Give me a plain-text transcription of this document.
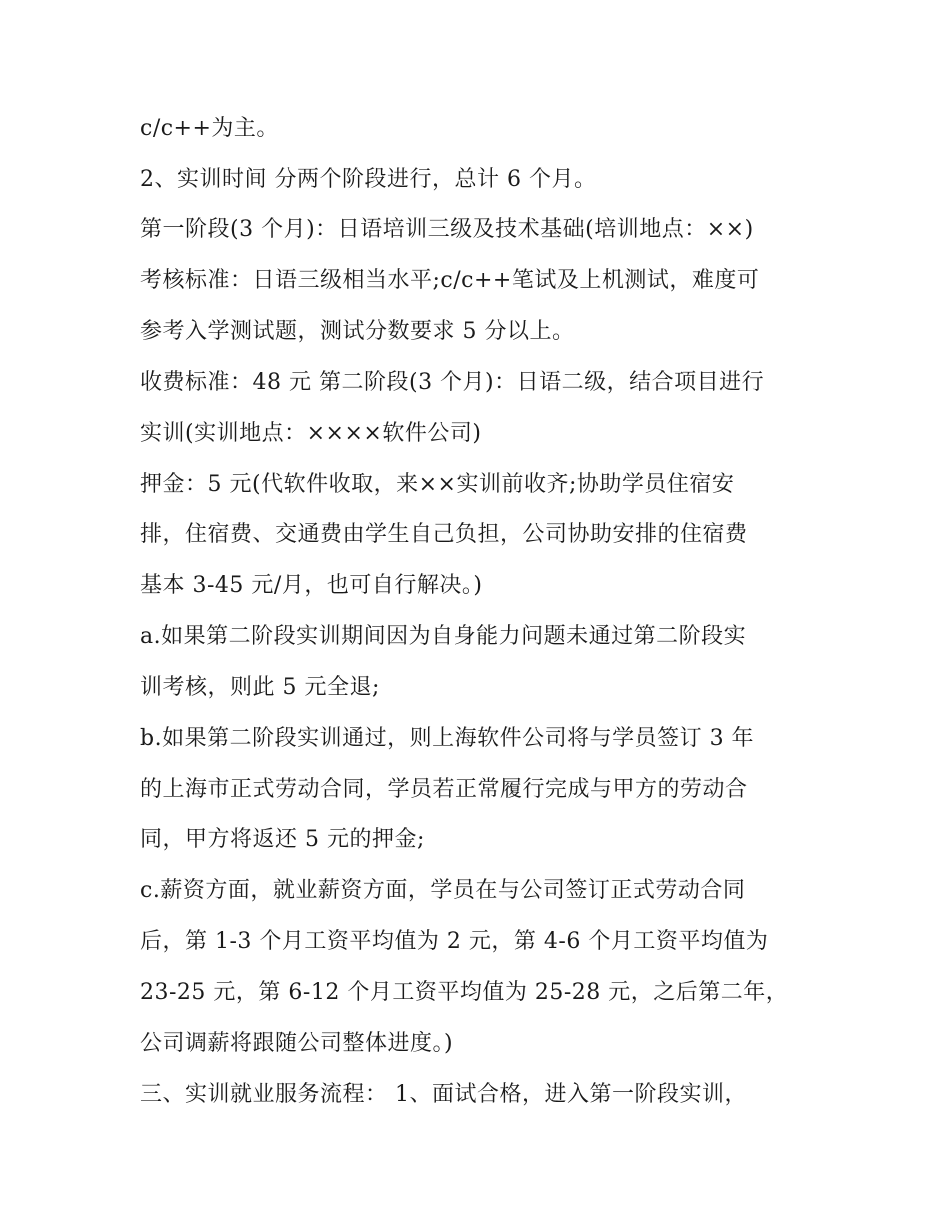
c/c++为主。
2、实训时间 分两个阶段进行，总计 6 个月。
第一阶段(3 个月)：日语培训三级及技术基础(培训地点：××)
考核标准：日语三级相当水平;c/c++笔试及上机测试，难度可
参考入学测试题，测试分数要求 5 分以上。
收费标准：48 元 第二阶段(3 个月)：日语二级，结合项目进行
实训(实训地点：××××软件公司)
押金：5 元(代软件收取，来××实训前收齐;协助学员住宿安
排，住宿费、交通费由学生自己负担，公司协助安排的住宿费
基本 3-45 元/月，也可自行解决。)
a.如果第二阶段实训期间因为自身能力问题未通过第二阶段实
训考核，则此 5 元全退;
b.如果第二阶段实训通过，则上海软件公司将与学员签订 3 年
的上海市正式劳动合同，学员若正常履行完成与甲方的劳动合
同，甲方将返还 5 元的押金;
c.薪资方面，就业薪资方面，学员在与公司签订正式劳动合同
后，第 1-3 个月工资平均值为 2 元，第 4-6 个月工资平均值为
23-25 元，第 6-12 个月工资平均值为 25-28 元，之后第二年，
公司调薪将跟随公司整体进度。)
三、实训就业服务流程： 1、面试合格，进入第一阶段实训，
